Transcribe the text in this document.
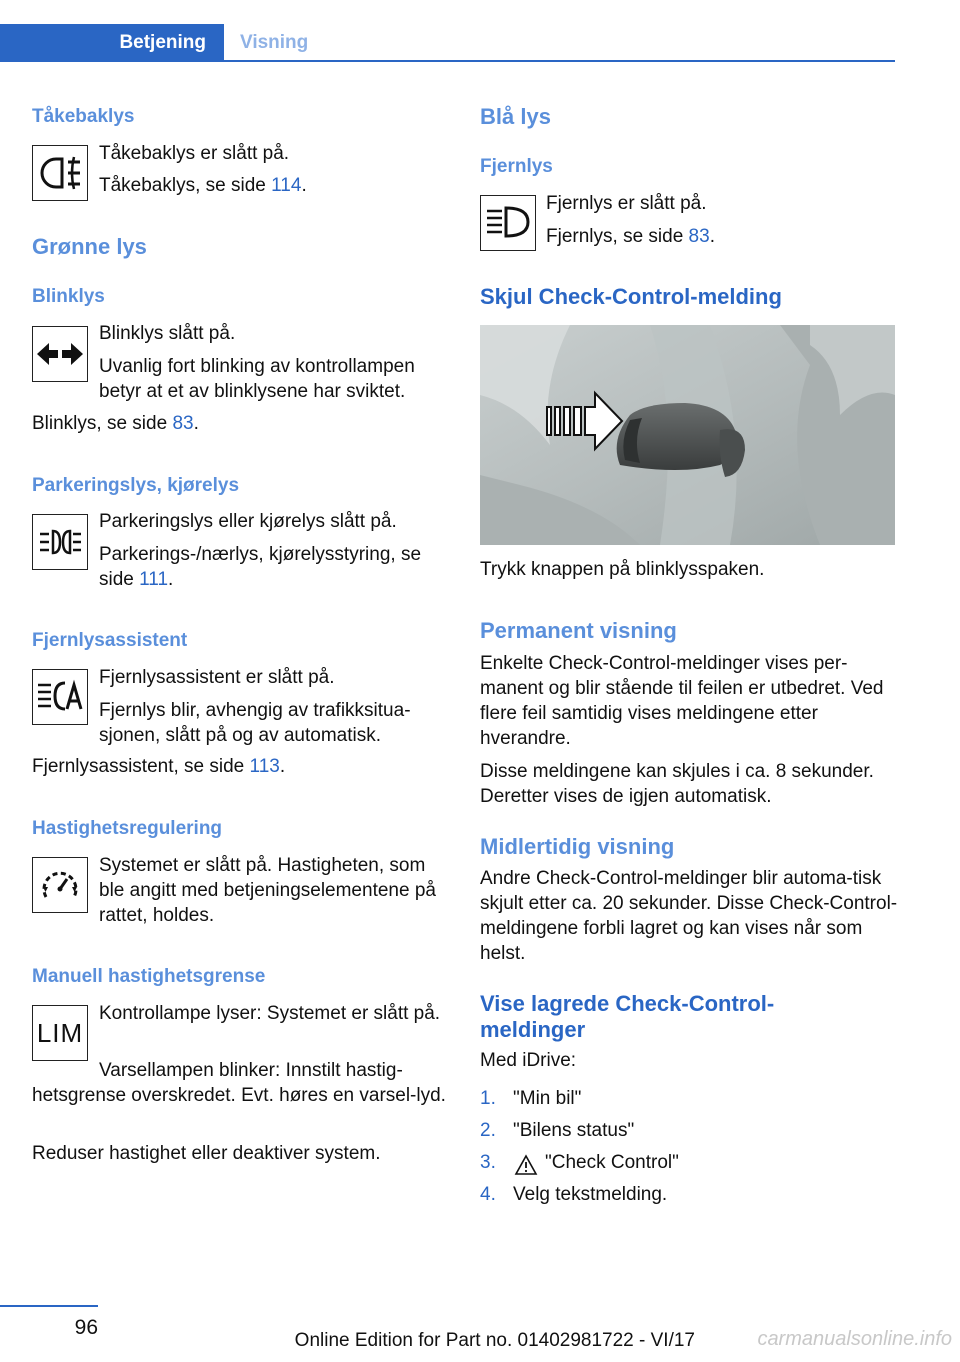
Betjening	Visning
Tåkebaklys
Tåkebaklys er slått på.
Tåkebaklys, se side 114.
Grønne lys
Blinklys
Blinklys slått på.
Uvanlig fort blinking av kontrollampen betyr at et av blinklysene har sviktet.
Blinklys, se side 83.
Parkeringslys, kjørelys
Parkeringslys eller kjørelys slått på.
Parkerings-/nærlys, kjørelysstyring, se side 111.
Fjernlysassistent
Fjernlysassistent er slått på.
Fjernlys blir, avhengig av trafikksitua-sjonen, slått på og av automatisk.
Fjernlysassistent, se side 113.
Hastighetsregulering
Systemet er slått på. Hastigheten, som ble angitt med betjeningselementene på rattet, holdes.
Manuell hastighetsgrense
LIM
Kontrollampe lyser: Systemet er slått på.
Varsellampen blinker: Innstilt hastig-
hetsgrense overskredet. Evt. høres en varsel-lyd.
Reduser hastighet eller deaktiver system.
Blå lys
Fjernlys
Fjernlys er slått på.
Fjernlys, se side 83.
Skjul Check-Control-melding
Trykk knappen på blinklysspaken.
Permanent visning
Enkelte Check-Control-meldinger vises per-manent og blir stående til feilen er utbedret. Ved flere feil samtidig vises meldingene etter hverandre.
Disse meldingene kan skjules i ca. 8 sekunder. Deretter vises de igjen automatisk.
Midlertidig visning
Andre Check-Control-meldinger blir automa-tisk skjult etter ca. 20 sekunder. Disse Check-Control-meldingene forbli lagret og kan vises når som helst.
Vise lagrede Check-Control-meldinger
Med iDrive:
1. "Min bil"
2. "Bilens status"
3.	"Check Control"
4. Velg tekstmelding.
96
Online Edition for Part no. 01402981722 - VI/17	carmanualsonline.info
